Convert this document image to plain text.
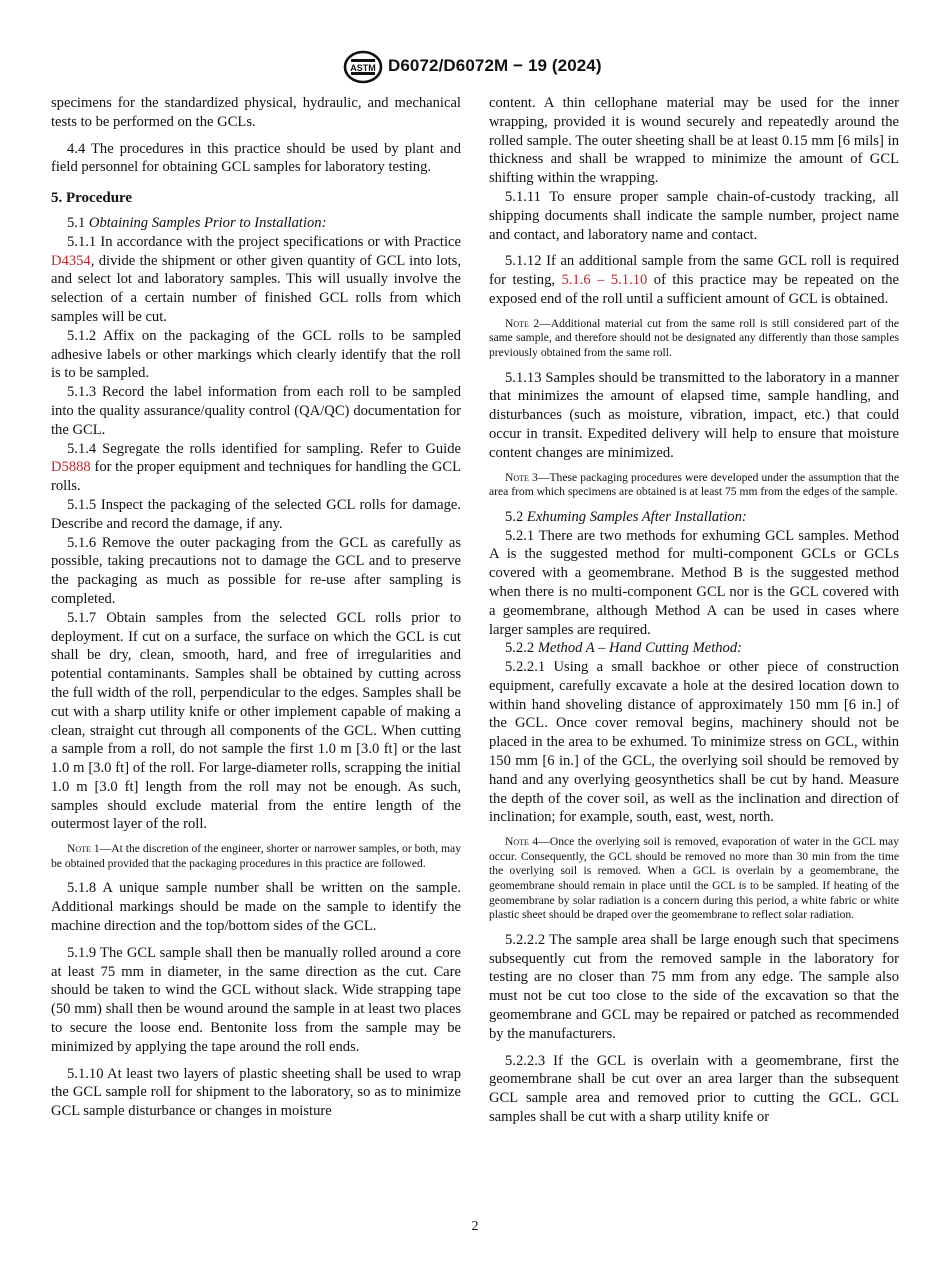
ASTM D6072/D6072M − 19 (2024)

specimens for the standardized physical, hydraulic, and mechanical tests to be performed on the GCLs.

4.4 The procedures in this practice should be used by plant and field personnel for obtaining GCL samples for laboratory testing.

5. Procedure

5.1 Obtaining Samples Prior to Installation:

5.1.1 In accordance with the project specifications or with Practice D4354, divide the shipment or other given quantity of GCL into lots, and select lot and laboratory samples. This will usually involve the selection of a certain number of finished GCL rolls from which samples will be cut.

5.1.2 Affix on the packaging of the GCL rolls to be sampled adhesive labels or other markings which clearly identify that the roll is to be sampled.

5.1.3 Record the label information from each roll to be sampled into the quality assurance/quality control (QA/QC) documentation for the GCL.

5.1.4 Segregate the rolls identified for sampling. Refer to Guide D5888 for the proper equipment and techniques for handling the GCL rolls.

5.1.5 Inspect the packaging of the selected GCL rolls for damage. Describe and record the damage, if any.

5.1.6 Remove the outer packaging from the GCL as carefully as possible, taking precautions not to damage the GCL and to preserve the packaging as much as possible for re-use after sampling is completed.

5.1.7 Obtain samples from the selected GCL rolls prior to deployment. If cut on a surface, the surface on which the GCL is cut shall be dry, clean, smooth, hard, and free of irregularities and potential contaminants. Samples shall be obtained by cutting across the full width of the roll, perpendicular to the edges. Samples shall be cut with a sharp utility knife or other implement capable of making a clean, straight cut through all components of the GCL. When cutting a sample from a roll, do not sample the first 1.0 m [3.0 ft] or the last 1.0 m [3.0 ft] of the roll. For large-diameter rolls, scrapping the initial 1.0 m [3.0 ft] length from the roll may not be enough. As such, samples should exclude material from the entire length of the outermost layer of the roll.

Note 1—At the discretion of the engineer, shorter or narrower samples, or both, may be obtained provided that the packaging procedures in this practice are followed.

5.1.8 A unique sample number shall be written on the sample. Additional markings should be made on the sample to identify the machine direction and the top/bottom sides of the GCL.

5.1.9 The GCL sample shall then be manually rolled around a core at least 75 mm in diameter, in the same direction as the cut. Care should be taken to wind the GCL without slack. Wide strapping tape (50 mm) shall then be wound around the sample in at least two places to secure the loose end. Bentonite loss from the sample may be minimized by applying the tape around the roll ends.

5.1.10 At least two layers of plastic sheeting shall be used to wrap the GCL sample roll for shipment to the laboratory, so as to minimize GCL sample disturbance or changes in moisture

content. A thin cellophane material may be used for the inner wrapping, provided it is wound securely and repeatedly around the rolled sample. The outer sheeting shall be at least 0.15 mm [6 mils] in thickness and shall be wrapped to minimize the amount of GCL shifting within the wrapping.

5.1.11 To ensure proper sample chain-of-custody tracking, all shipping documents shall indicate the sample number, project name and contact, and laboratory name and contact.

5.1.12 If an additional sample from the same GCL roll is required for testing, 5.1.6 – 5.1.10 of this practice may be repeated on the exposed end of the roll until a sufficient amount of GCL is obtained.

Note 2—Additional material cut from the same roll is still considered part of the same sample, and therefore should not be designated any differently than those samples previously obtained from the same roll.

5.1.13 Samples should be transmitted to the laboratory in a manner that minimizes the amount of elapsed time, sample handling, and disturbances (such as moisture, vibration, impact, etc.) that could occur in transit. Expedited delivery will help to ensure that moisture content changes are minimized.

Note 3—These packaging procedures were developed under the assumption that the area from which specimens are obtained is at least 75 mm from the edges of the sample.

5.2 Exhuming Samples After Installation:

5.2.1 There are two methods for exhuming GCL samples. Method A is the suggested method for multi-component GCLs or GCLs covered with a geomembrane. Method B is the suggested method when there is no multi-component GCL nor is the GCL covered with a geomembrane, although Method A can be used in cases where larger samples are required.

5.2.2 Method A – Hand Cutting Method:

5.2.2.1 Using a small backhoe or other piece of construction equipment, carefully excavate a hole at the desired location down to within hand shoveling distance of approximately 150 mm [6 in.] of the GCL. Once cover removal begins, machinery should not be placed in the area to be exhumed. To minimize stress on GCL, within 150 mm [6 in.] of the GCL, the overlying soil should be removed by hand and any overlying geosynthetics shall be cut by hand. Measure the depth of the cover soil, as well as the inclination and direction of inclination; for example, south, east, west, north.

Note 4—Once the overlying soil is removed, evaporation of water in the GCL may occur. Consequently, the GCL should be removed no more than 30 min from the time the overlying soil is removed. When a GCL is overlain by a geomembrane, the geomembrane should remain in place until the GCL is to be sampled. If heating of the geomembrane by solar radiation is a concern during this period, a white fabric or white plastic sheet should be draped over the geomembrane to reflect solar radiation.

5.2.2.2 The sample area shall be large enough such that specimens subsequently cut from the removed sample in the laboratory for testing are no closer than 75 mm from any edge. The sample also must not be cut too close to the side of the excavation so that the geomembrane and GCL may be repaired or patched as recommended by the manufacturers.

5.2.2.3 If the GCL is overlain with a geomembrane, first the geomembrane shall be cut over an area larger than the subsequent GCL sample area and removed prior to cutting the GCL. GCL samples shall be cut with a sharp utility knife or

2
